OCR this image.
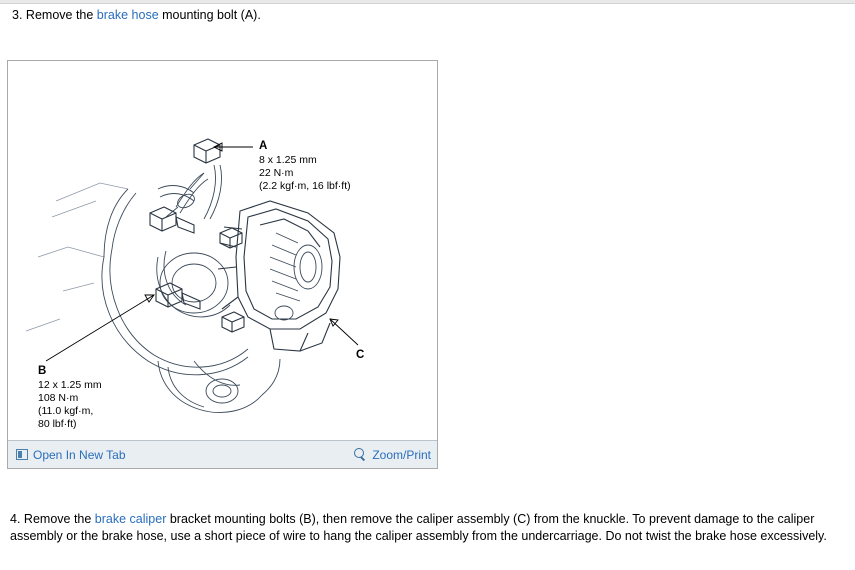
3. Remove the brake hose mounting bolt (A).
A
8 x 1.25 mm
22 N·m
(2.2 kgf·m, 16 lbf·ft)
B
12 x 1.25 mm
108 N·m
(11.0 kgf·m,
80 lbf·ft)
C
Open In New Tab	Zoom/Print
4. Remove the brake caliper bracket mounting bolts (B), then remove the caliper assembly (C) from the knuckle. To prevent damage to the caliper assembly or the brake hose, use a short piece of wire to hang the caliper assembly from the undercarriage. Do not twist the brake hose excessively.
